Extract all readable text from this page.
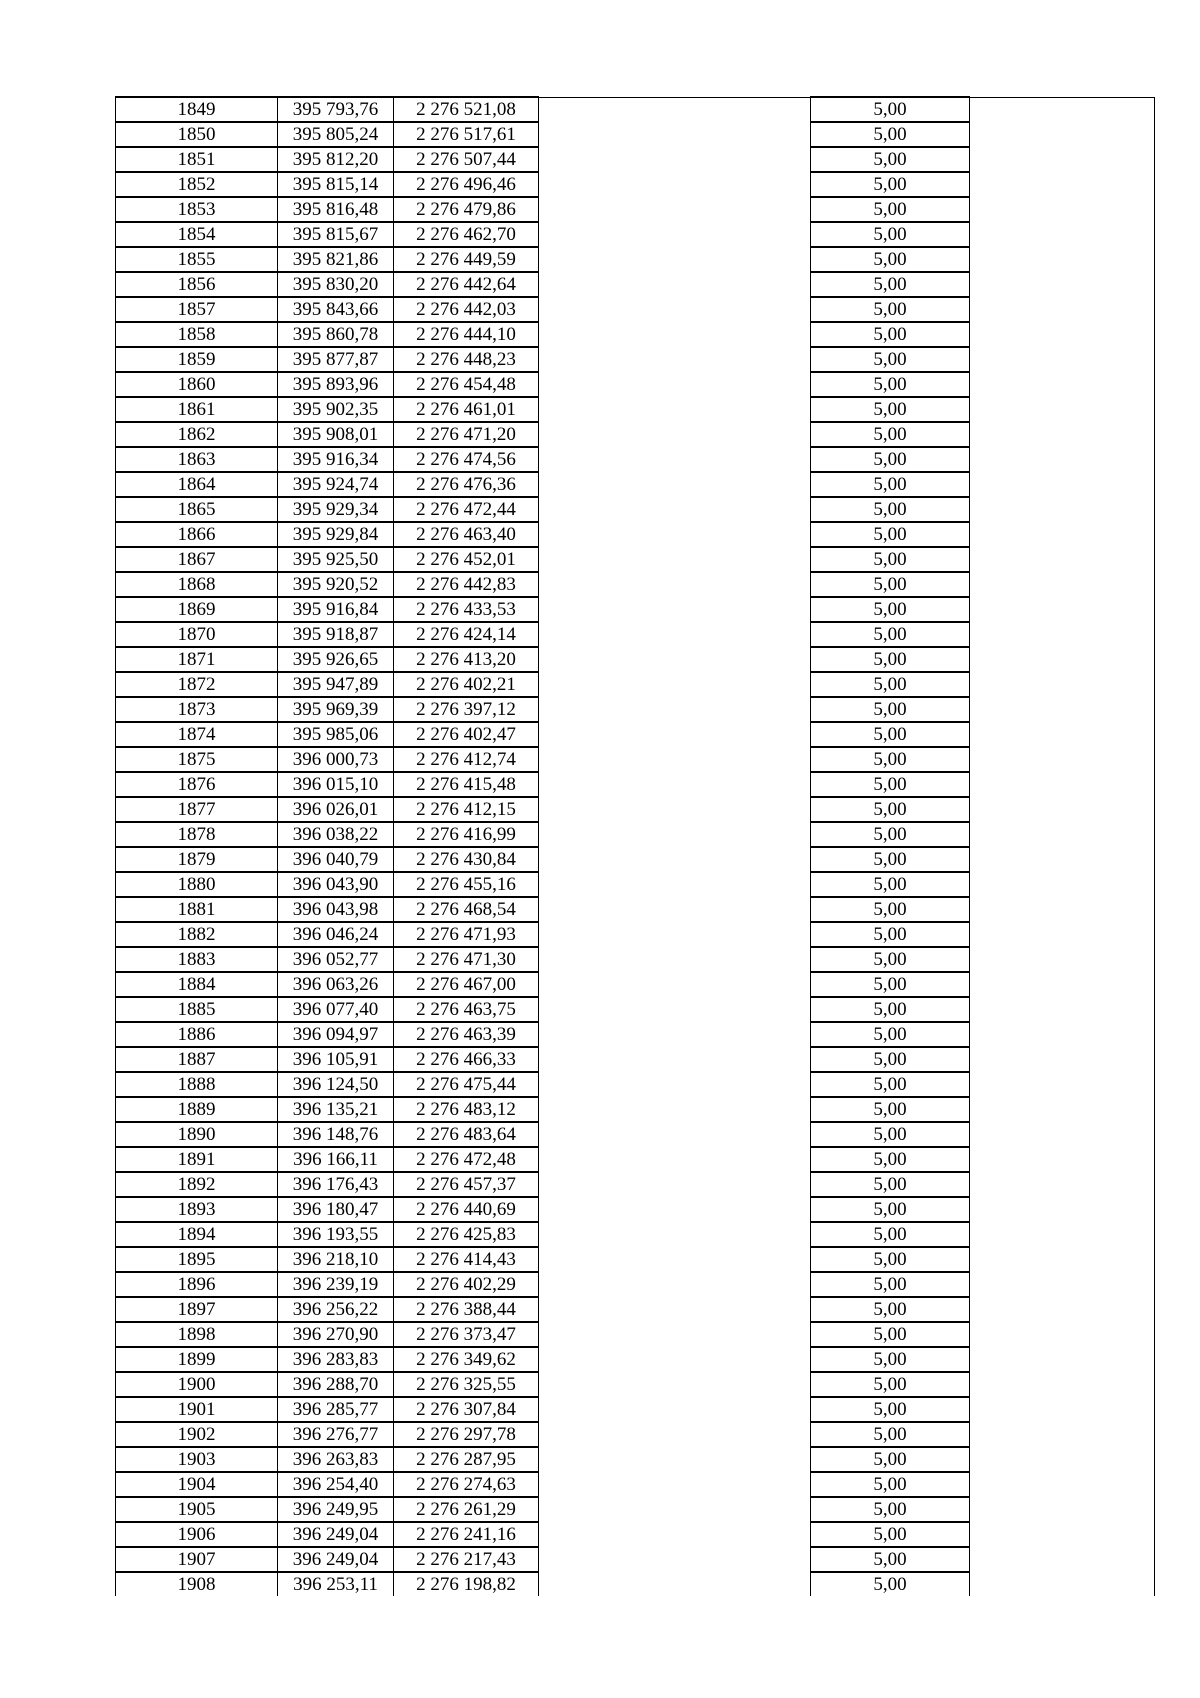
1849	395 793,76	2 276 521,08		5,00	
1850	395 805,24	2 276 517,61		5,00	
1851	395 812,20	2 276 507,44		5,00	
1852	395 815,14	2 276 496,46		5,00	
1853	395 816,48	2 276 479,86		5,00	
1854	395 815,67	2 276 462,70		5,00	
1855	395 821,86	2 276 449,59		5,00	
1856	395 830,20	2 276 442,64		5,00	
1857	395 843,66	2 276 442,03		5,00	
1858	395 860,78	2 276 444,10		5,00	
1859	395 877,87	2 276 448,23		5,00	
1860	395 893,96	2 276 454,48		5,00	
1861	395 902,35	2 276 461,01		5,00	
1862	395 908,01	2 276 471,20		5,00	
1863	395 916,34	2 276 474,56		5,00	
1864	395 924,74	2 276 476,36		5,00	
1865	395 929,34	2 276 472,44		5,00	
1866	395 929,84	2 276 463,40		5,00	
1867	395 925,50	2 276 452,01		5,00	
1868	395 920,52	2 276 442,83		5,00	
1869	395 916,84	2 276 433,53		5,00	
1870	395 918,87	2 276 424,14		5,00	
1871	395 926,65	2 276 413,20		5,00	
1872	395 947,89	2 276 402,21		5,00	
1873	395 969,39	2 276 397,12		5,00	
1874	395 985,06	2 276 402,47		5,00	
1875	396 000,73	2 276 412,74		5,00	
1876	396 015,10	2 276 415,48		5,00	
1877	396 026,01	2 276 412,15		5,00	
1878	396 038,22	2 276 416,99		5,00	
1879	396 040,79	2 276 430,84		5,00	
1880	396 043,90	2 276 455,16		5,00	
1881	396 043,98	2 276 468,54		5,00	
1882	396 046,24	2 276 471,93		5,00	
1883	396 052,77	2 276 471,30		5,00	
1884	396 063,26	2 276 467,00		5,00	
1885	396 077,40	2 276 463,75		5,00	
1886	396 094,97	2 276 463,39		5,00	
1887	396 105,91	2 276 466,33		5,00	
1888	396 124,50	2 276 475,44		5,00	
1889	396 135,21	2 276 483,12		5,00	
1890	396 148,76	2 276 483,64		5,00	
1891	396 166,11	2 276 472,48		5,00	
1892	396 176,43	2 276 457,37		5,00	
1893	396 180,47	2 276 440,69		5,00	
1894	396 193,55	2 276 425,83		5,00	
1895	396 218,10	2 276 414,43		5,00	
1896	396 239,19	2 276 402,29		5,00	
1897	396 256,22	2 276 388,44		5,00	
1898	396 270,90	2 276 373,47		5,00	
1899	396 283,83	2 276 349,62		5,00	
1900	396 288,70	2 276 325,55		5,00	
1901	396 285,77	2 276 307,84		5,00	
1902	396 276,77	2 276 297,78		5,00	
1903	396 263,83	2 276 287,95		5,00	
1904	396 254,40	2 276 274,63		5,00	
1905	396 249,95	2 276 261,29		5,00	
1906	396 249,04	2 276 241,16		5,00	
1907	396 249,04	2 276 217,43		5,00	
1908	396 253,11	2 276 198,82		5,00	
